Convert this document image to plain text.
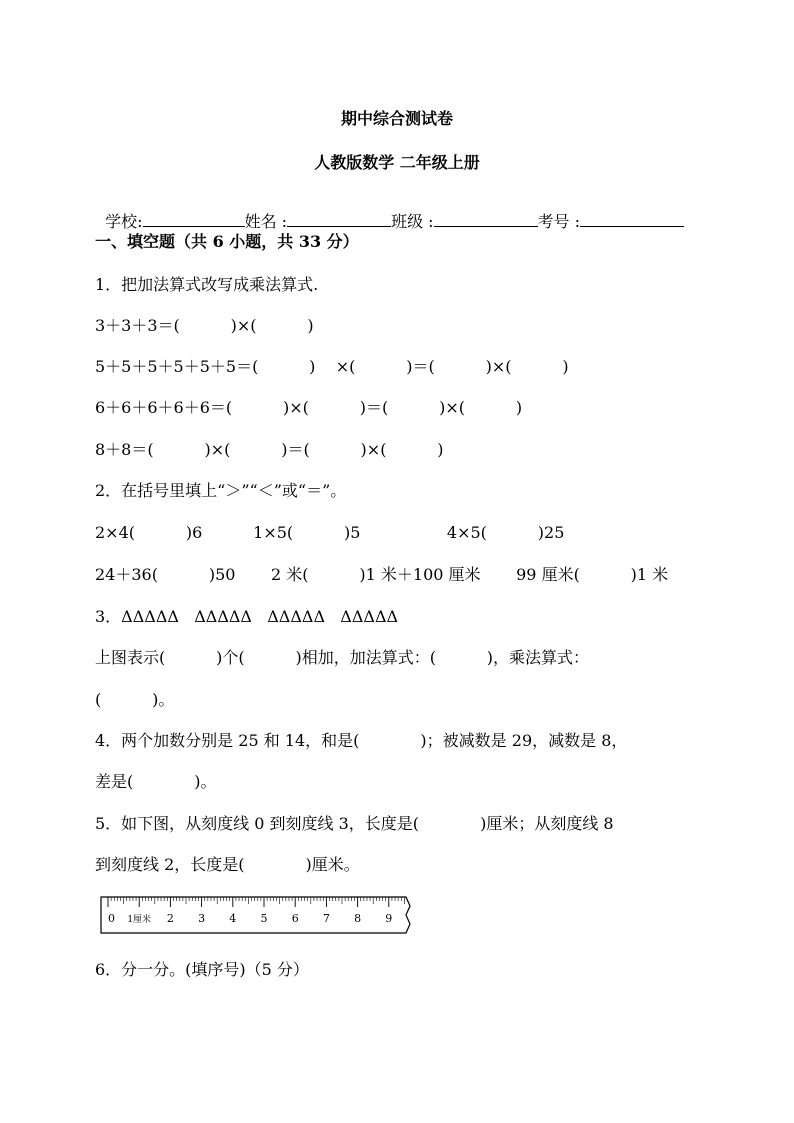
期中综合测试卷
人教版数学 二年级上册

学校:	姓名 :	班级 :	考号 :

一、填空题（共 6 小题，共 33 分）
1．把加法算式改写成乘法算式.
3＋3＋3＝(          )×(          )
5＋5＋5＋5＋5＋5＝(          )    ×(          )＝(          )×(          )
6＋6＋6＋6＋6＝(          )×(          )＝(          )×(          )
8＋8＝(          )×(          )＝(          )×(          )
2．在括号里填上“＞”“＜”或“＝”。
2×4(          )6          1×5(          )5                 4×5(          )25
24＋36(          )50       2 米(          )1 米＋100 厘米       99 厘米(          )1 米
3．ΔΔΔΔΔ   ΔΔΔΔΔ   ΔΔΔΔΔ   ΔΔΔΔΔ
上图表示(          )个(          )相加，加法算式：(          )，乘法算式：
(          )。
4．两个加数分别是 25 和 14，和是(            )；被减数是 29，减数是 8，
差是(            )。
5．如下图，从刻度线 0 到刻度线 3，长度是(            )厘米；从刻度线 8
到刻度线 2，长度是(            )厘米。
0 1厘米 2 3 4 5 6 7 8 9
6．分一分。(填序号)（5 分）
